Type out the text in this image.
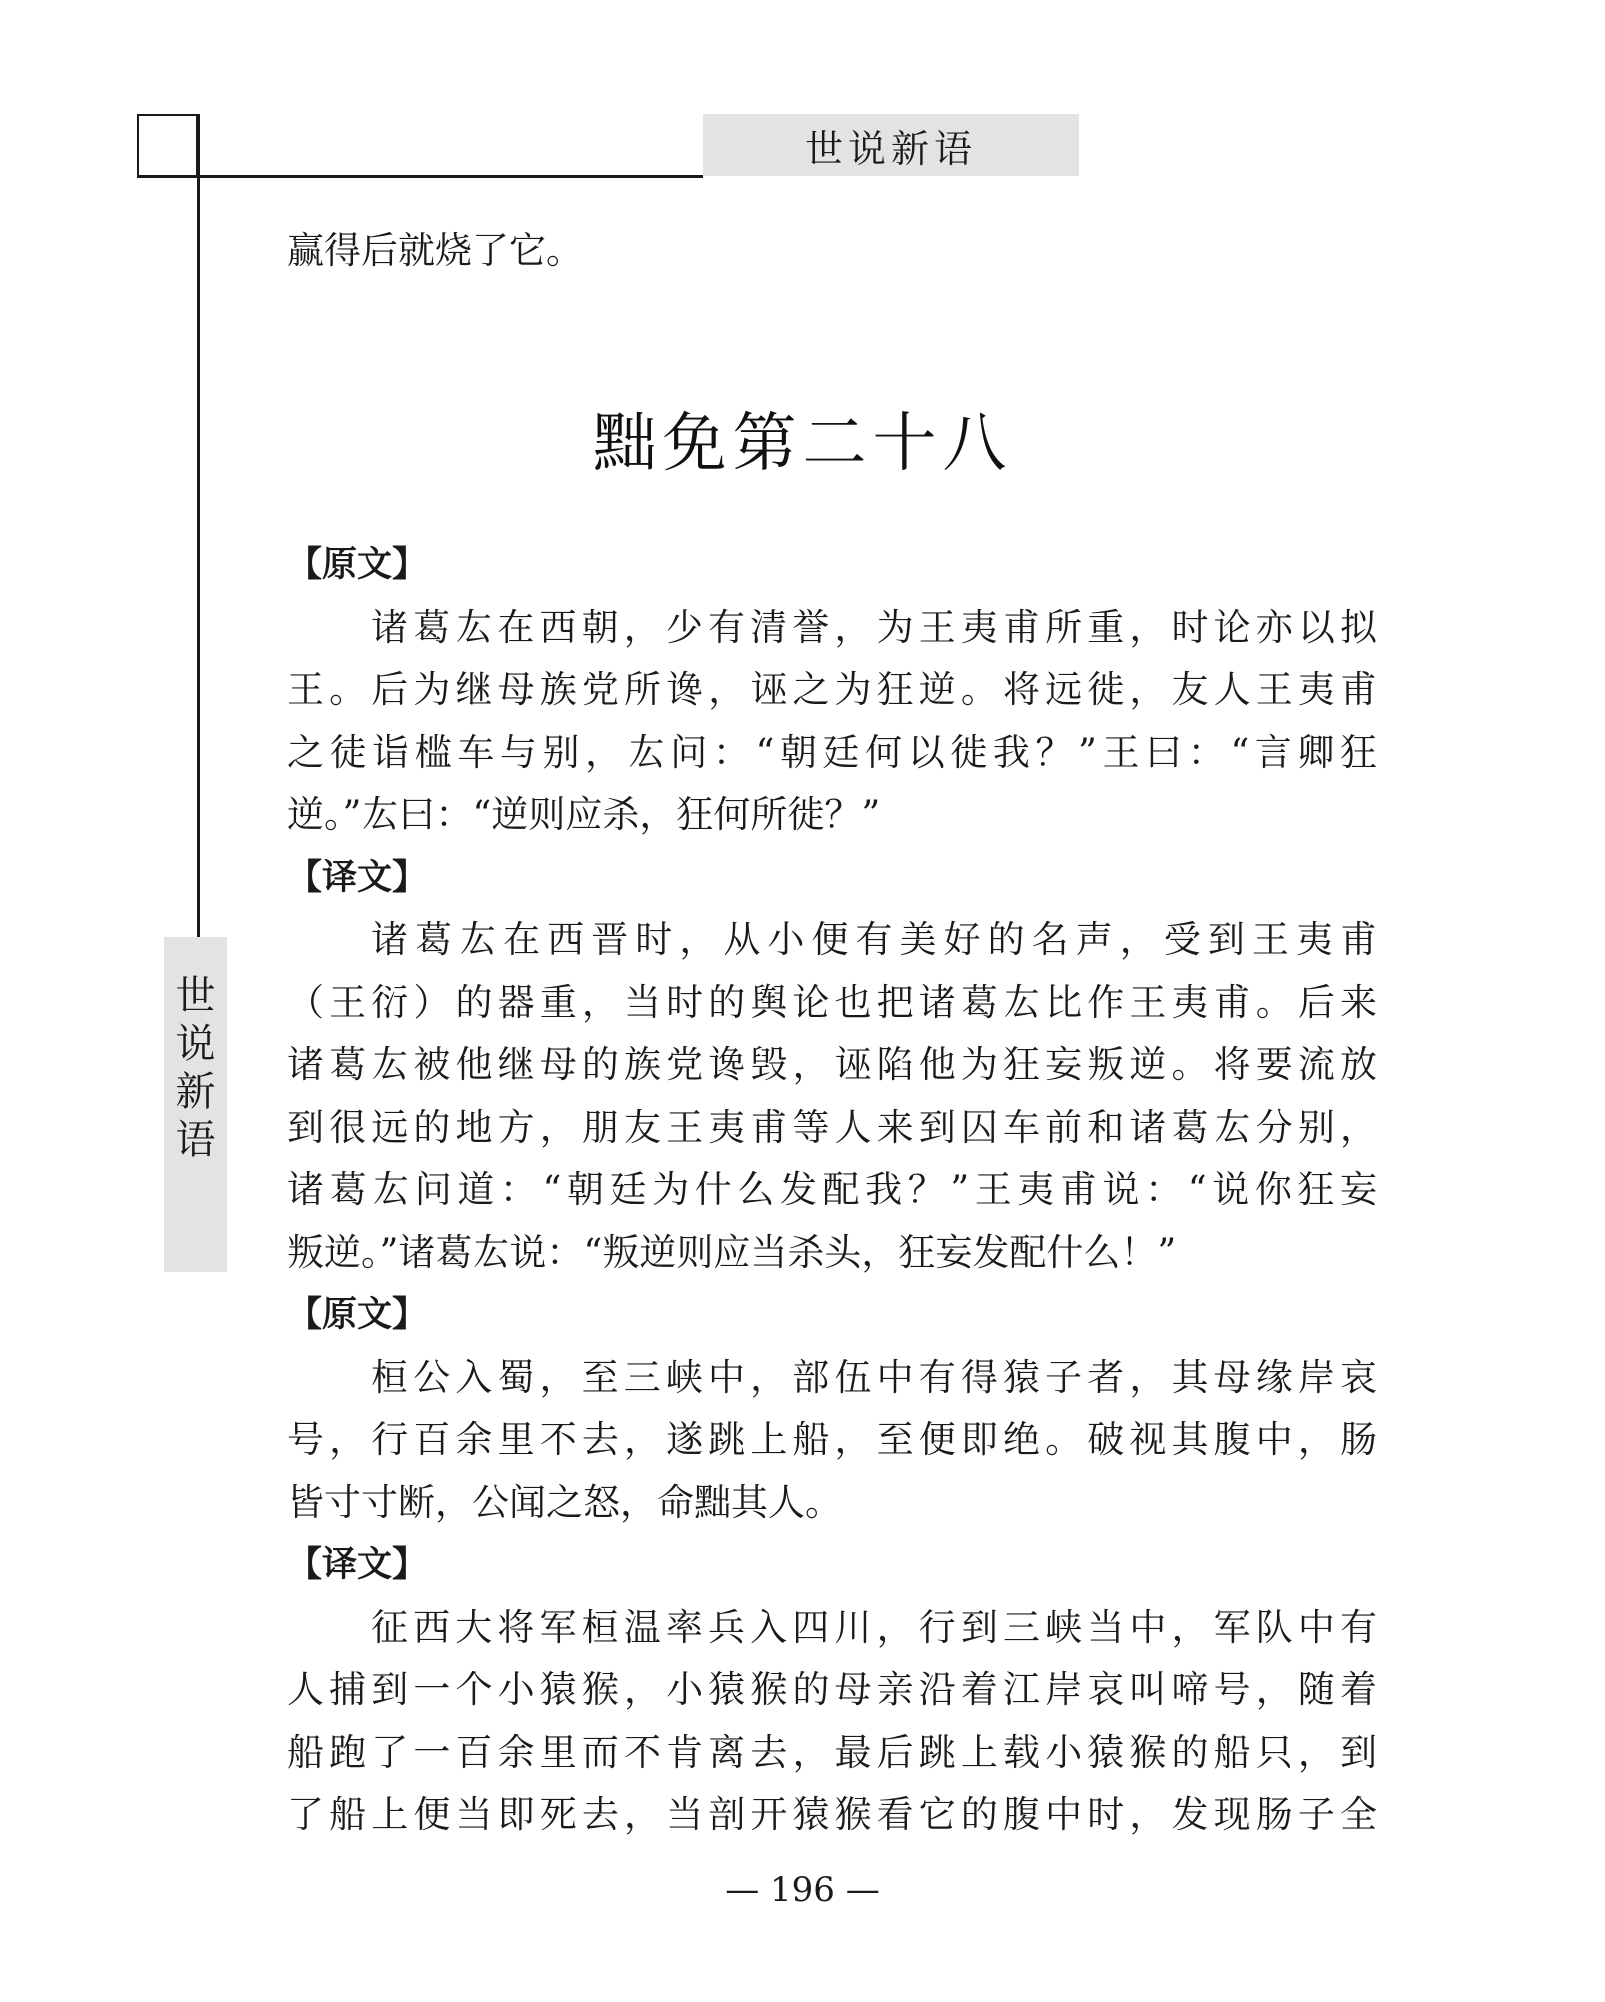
世说新语
世
说
新
语
赢得后就烧了它。
黜免第二十八
【原文】
诸葛厷在西朝，少有清誉，为王夷甫所重，时论亦以拟
王。后为继母族党所谗，诬之为狂逆。将远徙，友人王夷甫
之徒诣槛车与别，厷问：“朝廷何以徙我？”王曰：“言卿狂
逆。”厷曰：“逆则应杀，狂何所徙？”
【译文】
诸葛厷在西晋时，从小便有美好的名声，受到王夷甫
（王衍）的器重，当时的舆论也把诸葛厷比作王夷甫。后来
诸葛厷被他继母的族党谗毁，诬陷他为狂妄叛逆。将要流放
到很远的地方，朋友王夷甫等人来到囚车前和诸葛厷分别，
诸葛厷问道：“朝廷为什么发配我？”王夷甫说：“说你狂妄
叛逆。”诸葛厷说：“叛逆则应当杀头，狂妄发配什么！”
【原文】
桓公入蜀，至三峡中，部伍中有得猿子者，其母缘岸哀
号，行百余里不去，遂跳上船，至便即绝。破视其腹中，肠
皆寸寸断，公闻之怒，命黜其人。
【译文】
征西大将军桓温率兵入四川，行到三峡当中，军队中有
人捕到一个小猿猴，小猿猴的母亲沿着江岸哀叫啼号，随着
船跑了一百余里而不肯离去，最后跳上载小猿猴的船只，到
了船上便当即死去，当剖开猿猴看它的腹中时，发现肠子全
— 196 —
